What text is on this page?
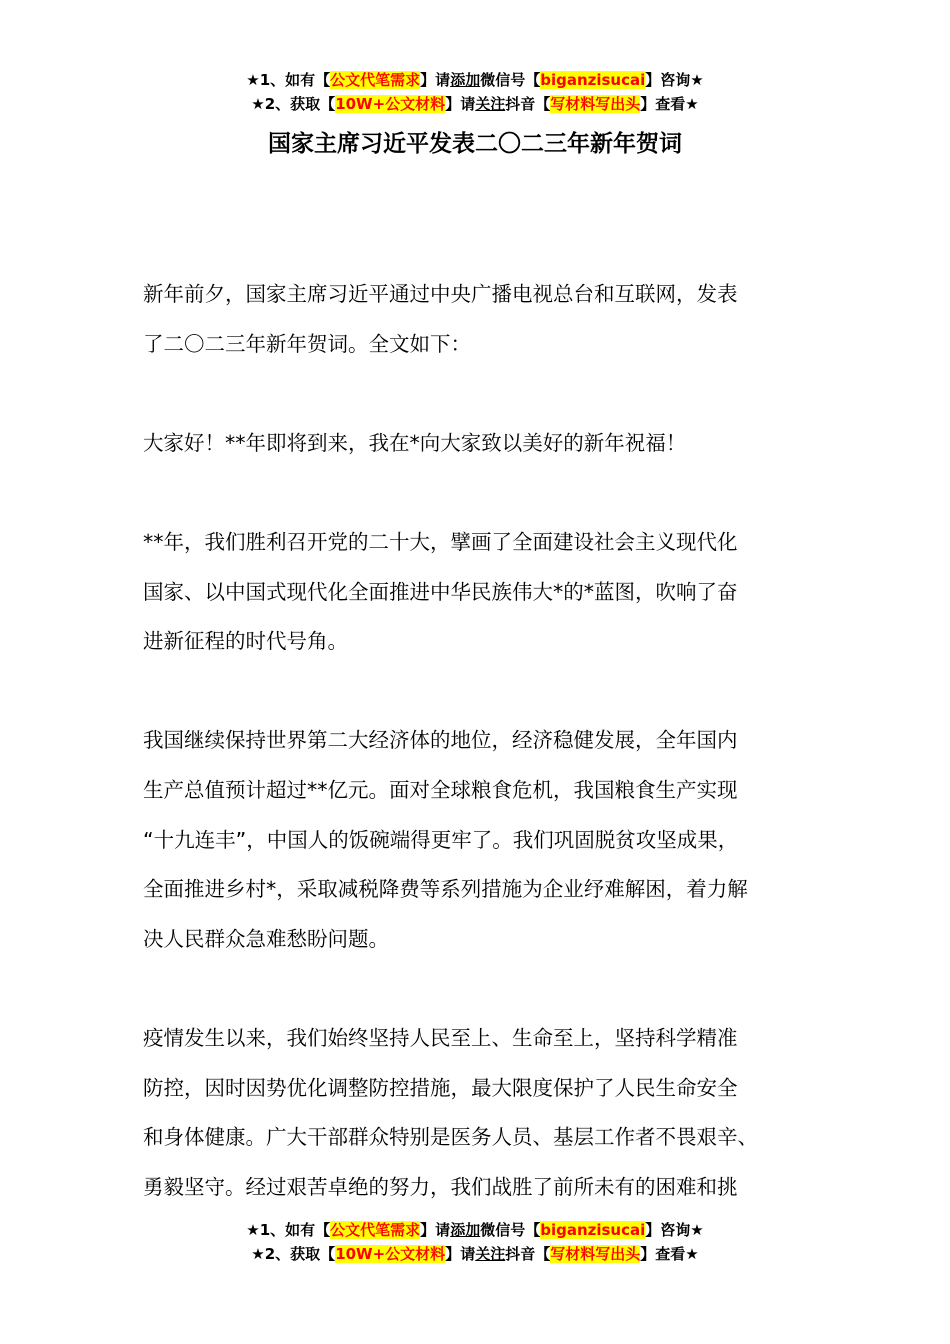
★1、如有【公文代笔需求】请添加微信号【biganzisucai】咨询★
★2、获取【10W+公文材料】请关注抖音【写材料写出头】查看★
国家主席习近平发表二〇二三年新年贺词
新年前夕，国家主席习近平通过中央广播电视总台和互联网，发表
了二〇二三年新年贺词。全文如下：
大家好！**年即将到来，我在*向大家致以美好的新年祝福！
**年，我们胜利召开党的二十大，擘画了全面建设社会主义现代化
国家、以中国式现代化全面推进中华民族伟大*的*蓝图，吹响了奋
进新征程的时代号角。
我国继续保持世界第二大经济体的地位，经济稳健发展，全年国内
生产总值预计超过**亿元。面对全球粮食危机，我国粮食生产实现
“十九连丰”，中国人的饭碗端得更牢了。我们巩固脱贫攻坚成果，
全面推进乡村*，采取减税降费等系列措施为企业纾难解困，着力解
决人民群众急难愁盼问题。
疫情发生以来，我们始终坚持人民至上、生命至上，坚持科学精准
防控，因时因势优化调整防控措施，最大限度保护了人民生命安全
和身体健康。广大干部群众特别是医务人员、基层工作者不畏艰辛、
勇毅坚守。经过艰苦卓绝的努力，我们战胜了前所未有的困难和挑
★1、如有【公文代笔需求】请添加微信号【biganzisucai】咨询★
★2、获取【10W+公文材料】请关注抖音【写材料写出头】查看★
